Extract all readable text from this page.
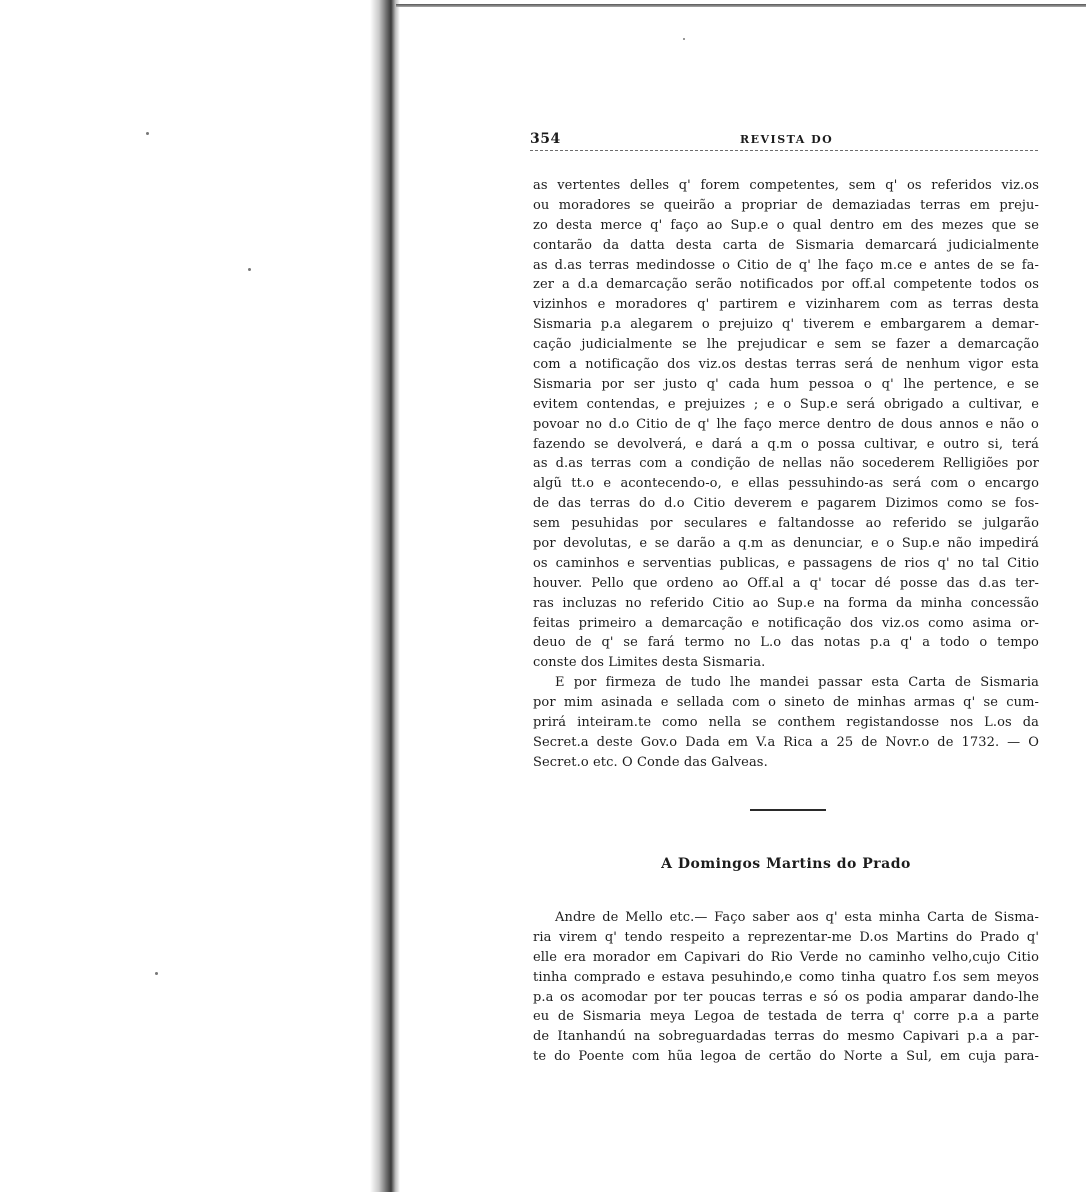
354	REVISTA DO
as vertentes delles q' forem competentes, sem q' os referidos viz.os
ou moradores se queirão a propriar de demaziadas terras em preju-
zo desta merce q' faço ao Sup.e o qual dentro em des mezes que se
contarão da datta desta carta de Sismaria demarcará judicialmente
as d.as terras medindosse o Citio de q' lhe faço m.ce e antes de se fa-
zer a d.a demarcação serão notificados por off.al competente todos os
vizinhos e moradores q' partirem e vizinharem com as terras desta
Sismaria p.a alegarem o prejuizo q' tiverem e embargarem a demar-
cação judicialmente se lhe prejudicar e sem se fazer a demarcação
com a notificação dos viz.os destas terras será de nenhum vigor esta
Sismaria por ser justo q' cada hum pessoa o q' lhe pertence, e se
evitem contendas, e prejuizes ; e o Sup.e será obrigado a cultivar, e
povoar no d.o Citio de q' lhe faço merce dentro de dous annos e não o
fazendo se devolverá, e dará a q.m o possa cultivar, e outro si, terá
as d.as terras com a condição de nellas não socederem Relligiões por
algũ tt.o e acontecendo-o, e ellas pessuhindo-as será com o encargo
de das terras do d.o Citio deverem e pagarem Dizimos como se fos-
sem pesuhidas por seculares e faltandosse ao referido se julgarão
por devolutas, e se darão a q.m as denunciar, e o Sup.e não impedirá
os caminhos e serventias publicas, e passagens de rios q' no tal Citio
houver. Pello que ordeno ao Off.al a q' tocar dé posse das d.as ter-
ras incluzas no referido Citio ao Sup.e na forma da minha concessão
feitas primeiro a demarcação e notificação dos viz.os como asima or-
deuo de q' se fará termo no L.o das notas p.a q' a todo o tempo
conste dos Limites desta Sismaria.
E por firmeza de tudo lhe mandei passar esta Carta de Sismaria
por mim asinada e sellada com o sineto de minhas armas q' se cum-
prirá inteiram.te como nella se conthem registandosse nos L.os da
Secret.a deste Gov.o Dada em V.a Rica a 25 de Novr.o de 1732. — O
Secret.o etc. O Conde das Galveas.
A Domingos Martins do Prado
Andre de Mello etc.— Faço saber aos q' esta minha Carta de Sisma-
ria virem q' tendo respeito a reprezentar-me D.os Martins do Prado q'
elle era morador em Capivari do Rio Verde no caminho velho,cujo Citio
tinha comprado e estava pesuhindo,e como tinha quatro f.os sem meyos
p.a os acomodar por ter poucas terras e só os podia amparar dando-lhe
eu de Sismaria meya Legoa de testada de terra q' corre p.a a parte
de Itanhandú na sobreguardadas terras do mesmo Capivari p.a a par-
te do Poente com hũa legoa de certão do Norte a Sul, em cuja para-
